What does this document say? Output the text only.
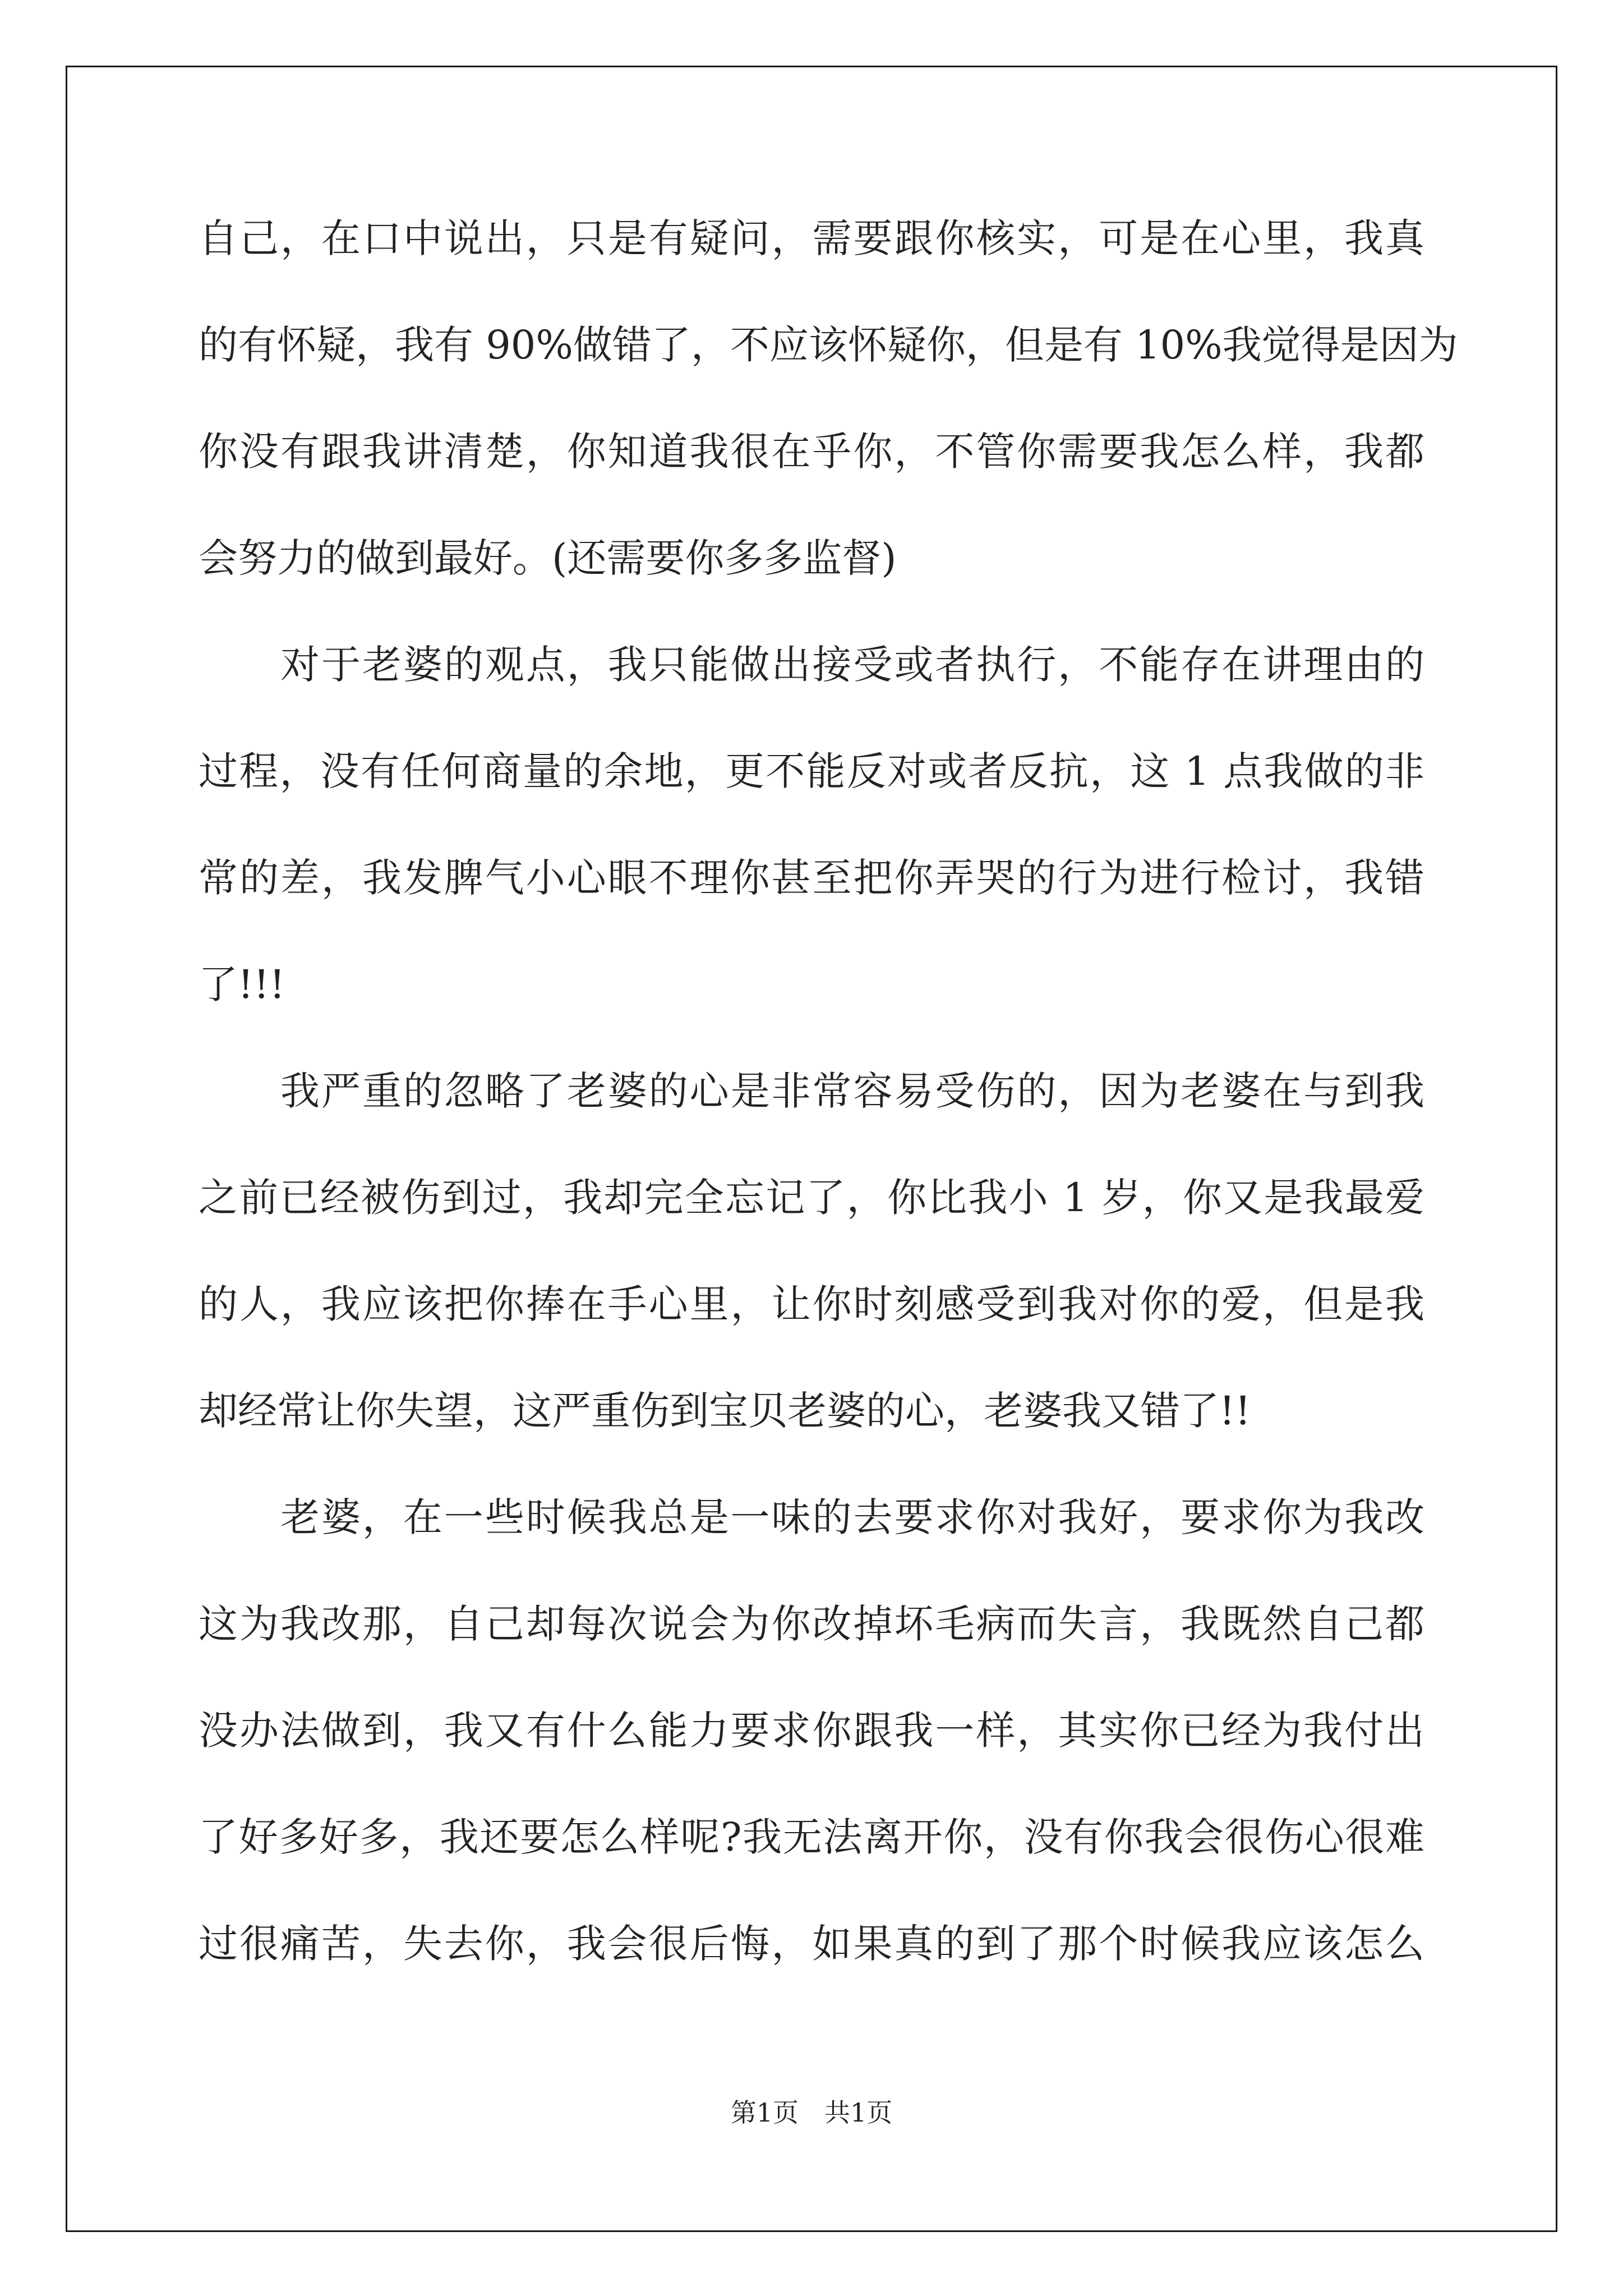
自己，在口中说出，只是有疑问，需要跟你核实，可是在心里，我真
的有怀疑，我有 90%做错了，不应该怀疑你，但是有 10%我觉得是因为
你没有跟我讲清楚，你知道我很在乎你，不管你需要我怎么样，我都
会努力的做到最好。(还需要你多多监督)
对于老婆的观点，我只能做出接受或者执行，不能存在讲理由的
过程，没有任何商量的余地，更不能反对或者反抗，这 1 点我做的非
常的差，我发脾气小心眼不理你甚至把你弄哭的行为进行检讨，我错
了!!!
我严重的忽略了老婆的心是非常容易受伤的，因为老婆在与到我
之前已经被伤到过，我却完全忘记了，你比我小 1 岁，你又是我最爱
的人，我应该把你捧在手心里，让你时刻感受到我对你的爱，但是我
却经常让你失望，这严重伤到宝贝老婆的心，老婆我又错了!!
老婆，在一些时候我总是一味的去要求你对我好，要求你为我改
这为我改那，自己却每次说会为你改掉坏毛病而失言，我既然自己都
没办法做到，我又有什么能力要求你跟我一样，其实你已经为我付出
了好多好多，我还要怎么样呢?我无法离开你，没有你我会很伤心很难
过很痛苦，失去你，我会很后悔，如果真的到了那个时候我应该怎么
第1页　共1页
